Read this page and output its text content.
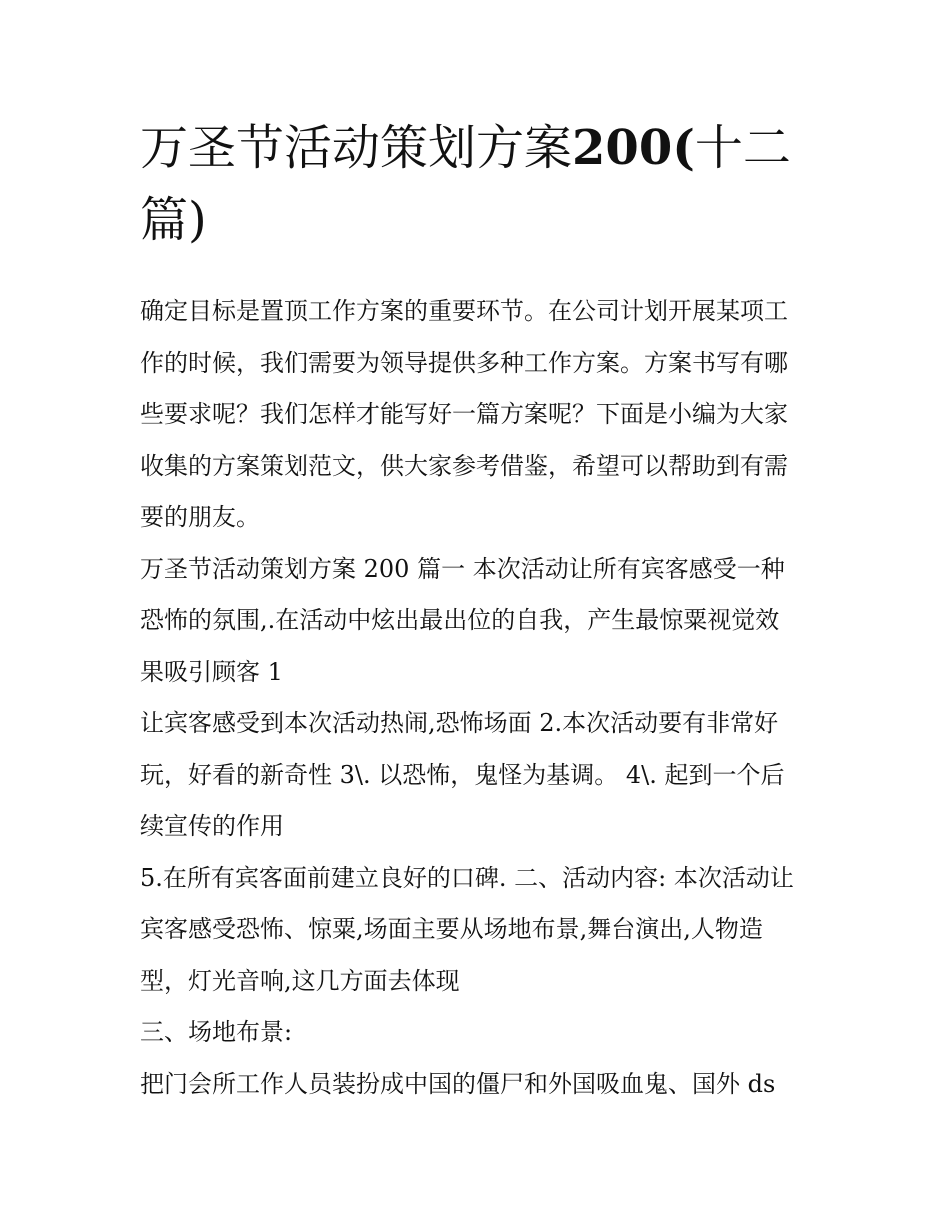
万圣节活动策划方案200(十二
篇)

确定目标是置顶工作方案的重要环节。在公司计划开展某项工
作的时候，我们需要为领导提供多种工作方案。方案书写有哪
些要求呢？我们怎样才能写好一篇方案呢？下面是小编为大家
收集的方案策划范文，供大家参考借鉴，希望可以帮助到有需
要的朋友。

万圣节活动策划方案 200 篇一 本次活动让所有宾客感受一种
恐怖的氛围,.在活动中炫出最出位的自我，产生最惊粟视觉效
果吸引顾客 1

让宾客感受到本次活动热闹,恐怖场面 2.本次活动要有非常好
玩，好看的新奇性 3\. 以恐怖，鬼怪为基调。 4\. 起到一个后
续宣传的作用

5.在所有宾客面前建立良好的口碑. 二、活动内容: 本次活动让
宾客感受恐怖、惊粟,场面主要从场地布景,舞台演出,人物造
型，灯光音响,这几方面去体现

三、场地布景:

把门会所工作人员装扮成中国的僵尸和外国吸血鬼、国外 ds
